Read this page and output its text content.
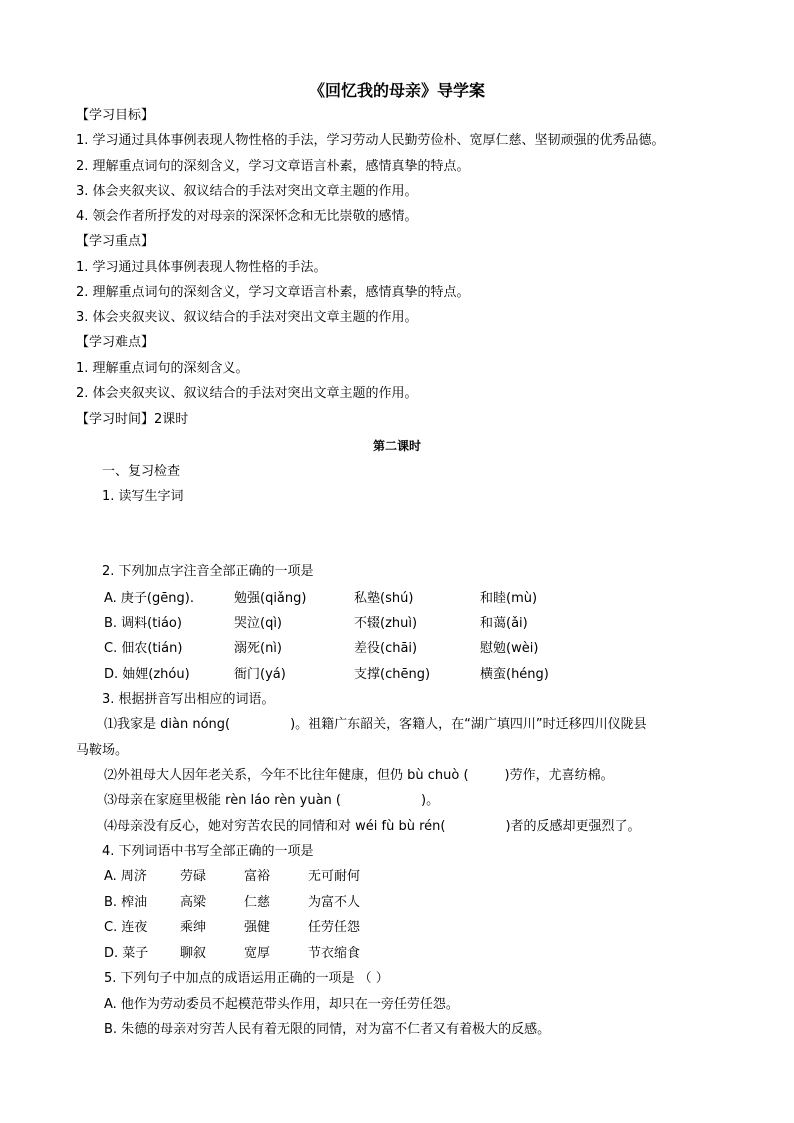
《回忆我的母亲》导学案
【学习目标】
1. 学习通过具体事例表现人物性格的手法，学习劳动人民勤劳俭朴、宽厚仁慈、坚韧顽强的优秀品德。
2. 理解重点词句的深刻含义，学习文章语言朴素，感情真挚的特点。
3. 体会夹叙夹议、叙议结合的手法对突出文章主题的作用。
4. 领会作者所抒发的对母亲的深深怀念和无比崇敬的感情。
【学习重点】
1. 学习通过具体事例表现人物性格的手法。
2. 理解重点词句的深刻含义，学习文章语言朴素，感情真挚的特点。
3. 体会夹叙夹议、叙议结合的手法对突出文章主题的作用。
【学习难点】
1. 理解重点词句的深刻含义。
2. 体会夹叙夹议、叙议结合的手法对突出文章主题的作用。
【学习时间】2课时
第二课时
一、复习检查
1. 读写生字词
2. 下列加点字注音全部正确的一项是
A. 庚子(gēng).	勉强(qiǎng)	私塾(shú)	和睦(mù)
B. 调料(tiáo)	哭泣(qì)	不辍(zhuì)	和蔼(ǎi)
C. 佃农(tián)	溺死(nì)	差役(chāi)	慰勉(wèi)
D. 妯娌(zhóu)	衙门(yá)	支撑(chēng)	横蛮(héng)
3. 根据拼音写出相应的词语。
⑴我家是 diàn nóng(	)。祖籍广东韶关，客籍人，在“湖广填四川”时迁移四川仪陇县
马鞍场。
⑵外祖母大人因年老关系，今年不比往年健康，但仍 bù chuò (	)劳作，尤喜纺棉。
⑶母亲在家庭里极能 rèn láo rèn yuàn (	)。
⑷母亲没有反心，她对穷苦农民的同情和对 wéi fù bù rén(	)者的反感却更强烈了。
4. 下列词语中书写全部正确的一项是
A. 周济	劳碌	富裕	无可耐何
B. 榨油	高梁	仁慈	为富不人
C. 连夜	乘绅	强健	任劳任怨
D. 菜子 聊叙	宽厚	节衣缩食
5. 下列句子中加点的成语运用正确的一项是 （ ）
A. 他作为劳动委员不起模范带头作用，却只在一旁任劳任怨。
B. 朱德的母亲对穷苦人民有着无限的同情，对为富不仁者又有着极大的反感。
